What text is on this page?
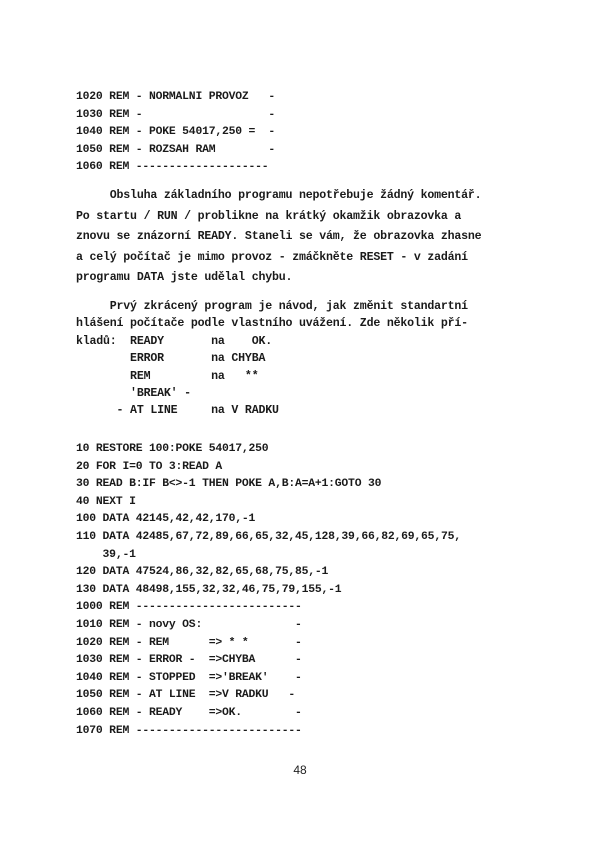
1020 REM - NORMALNI PROVOZ   -
1030 REM -                   -
1040 REM - POKE 54017,250 =  -
1050 REM - ROZSAH RAM        -
1060 REM --------------------
Obsluha základního programu nepotřebuje žádný komentář.
Po startu / RUN / problikne na krátký okamžik obrazovka a
znovu se znázorní READY. Staneli se vám, že obrazovka zhasne
a celý počítač je mimo provoz - zmáčkněte RESET - v zadání
programu DATA jste udělal chybu.
Prvý zkrácený program je návod, jak změnit standartní
hlášení počítače podle vlastního uvážení. Zde několik pří-
kladů:  READY       na    OK.
ERROR       na CHYBA
REM         na   **
'BREAK' -
- AT LINE     na V RADKU
10 RESTORE 100:POKE 54017,250
20 FOR I=0 TO 3:READ A
30 READ B:IF B<>-1 THEN POKE A,B:A=A+1:GOTO 30
40 NEXT I
100 DATA 42145,42,42,170,-1
110 DATA 42485,67,72,89,66,65,32,45,128,39,66,82,69,65,75,
39,-1
120 DATA 47524,86,32,82,65,68,75,85,-1
130 DATA 48498,155,32,32,46,75,79,155,-1
1000 REM -------------------------
1010 REM - novy OS:              -
1020 REM - REM      => * *       -
1030 REM - ERROR -  =>CHYBA      -
1040 REM - STOPPED  =>'BREAK'    -
1050 REM - AT LINE  =>V RADKU   -
1060 REM - READY    =>OK.        -
1070 REM -------------------------
48
